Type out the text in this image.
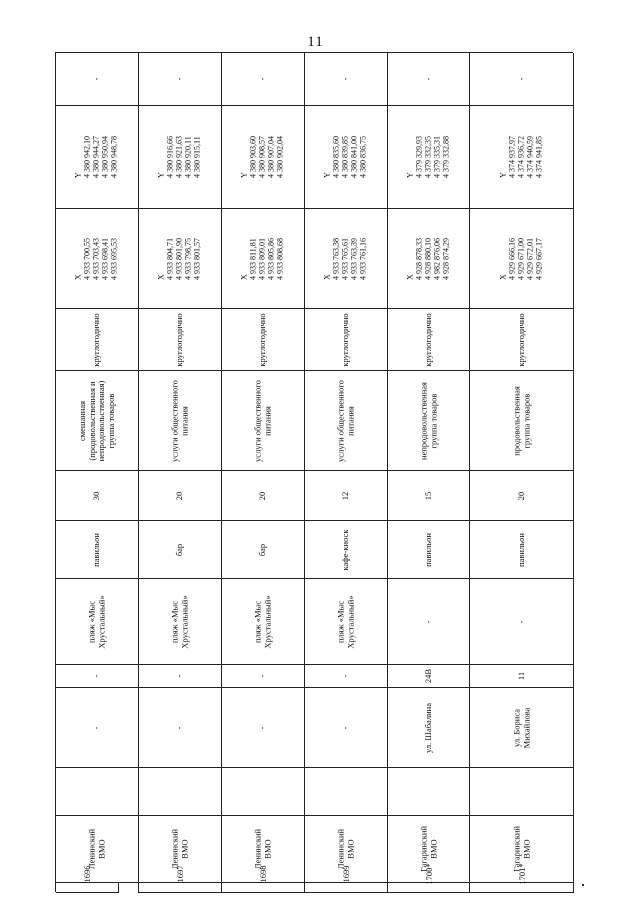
11
-
Y
4 380 942,10
4 380 944,27
4 380 950,94
4 380 948,78
X
4 933 700,55
4 933 703,43
4 933 698,41
4 933 695,53
круглогодично
смешанная
(продовольственная и
непродовольственная)
группа товаров
30
павильон
пляж «Мыс
Хрустальный»
-
-
Ленинский
ВМО
1696
-
Y
4 380 916,66
4 380 921,63
4 380 920,11
4 380 915,11
X
4 933 804,71
4 933 801,90
4 933 798,75
4 933 801,57
круглогодично
услуги общественного
питания
20
бар
пляж «Мыс
Хрустальный»
-
-
Ленинский
ВМО
1697
-
Y
4 380 903,60
4 380 908,57
4 380 907,04
4 380 902,04
X
4 933 811,81
4 933 809,01
4 933 805,86
4 933 808,68
круглогодично
услуги общественного
питания
20
бар
пляж «Мыс
Хрустальный»
-
-
Ленинский
ВМО
1698
-
Y
4 380 835,60
4 380 839,85
4 380 841,00
4 380 836,75
X
4 933 763,38
4 933 765,61
4 933 763,39
4 933 761,16
круглогодично
услуги общественного
питания
12
кафе-киоск
пляж «Мыс
Хрустальный»
-
-
Ленинский
ВМО
1699
-
Y
4 379 329,93
4 379 332,35
4 379 335,31
4 379 332,88
X
4 928 878,33
4 928 880,10
4 982 876,06
4 928 874,29
круглогодично
непродовольственная
группа товаров
15
павильон
-
24В
ул. Шабалина
Гагаринский
ВМО
1700*
-
Y
4 374 937,97
4 374 936,72
4 374 940,59
4 374 941,85
X
4 929 666,16
4 929 671,00
4 929 672,01
4 929 667,17
круглогодично
продовольственная
группа товаров
20
павильон
-
11
ул. Бориса
Михайлова
Гагаринский
ВМО
1701*
